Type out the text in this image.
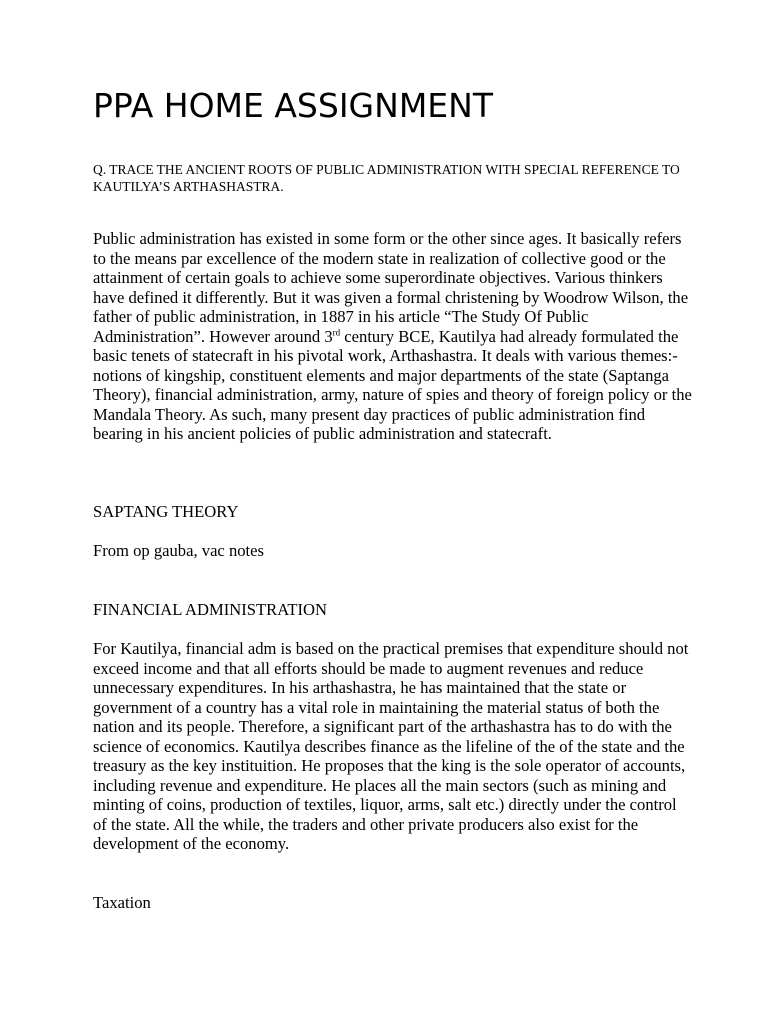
PPA HOME ASSIGNMENT

Q. TRACE THE ANCIENT ROOTS OF PUBLIC ADMINISTRATION WITH SPECIAL REFERENCE TO KAUTILYA’S ARTHASHASTRA.

Public administration has existed in some form or the other since ages. It basically refers to the means par excellence of the modern state in realization of collective good or the attainment of certain goals to achieve some superordinate objectives. Various thinkers have defined it differently. But it was given a formal christening by Woodrow Wilson, the father of public administration, in 1887 in his article “The Study Of Public Administration”. However around 3rd century BCE, Kautilya had already formulated the basic tenets of statecraft in his pivotal work, Arthashastra. It deals with various themes:- notions of kingship, constituent elements and major departments of the state (Saptanga Theory), financial administration, army, nature of spies and theory of foreign policy or the Mandala Theory. As such, many present day practices of public administration find bearing in his ancient policies of public administration and statecraft.

SAPTANG THEORY

From op gauba, vac notes

FINANCIAL ADMINISTRATION

For Kautilya, financial adm is based on the practical premises that expenditure should not exceed income and that all efforts should be made to augment revenues and reduce unnecessary expenditures. In his arthashastra, he has maintained that the state or government of a country has a vital role in maintaining the material status of both the nation and its people. Therefore, a significant part of the arthashastra has to do with the science of economics. Kautilya describes finance as the lifeline of the of the state and the treasury as the key instituition. He proposes that the king is the sole operator of accounts, including revenue and expenditure. He places all the main sectors (such as mining and minting of coins, production of textiles, liquor, arms, salt etc.) directly under the control of the state. All the while, the traders and other private producers also exist for the development of the economy.

Taxation
